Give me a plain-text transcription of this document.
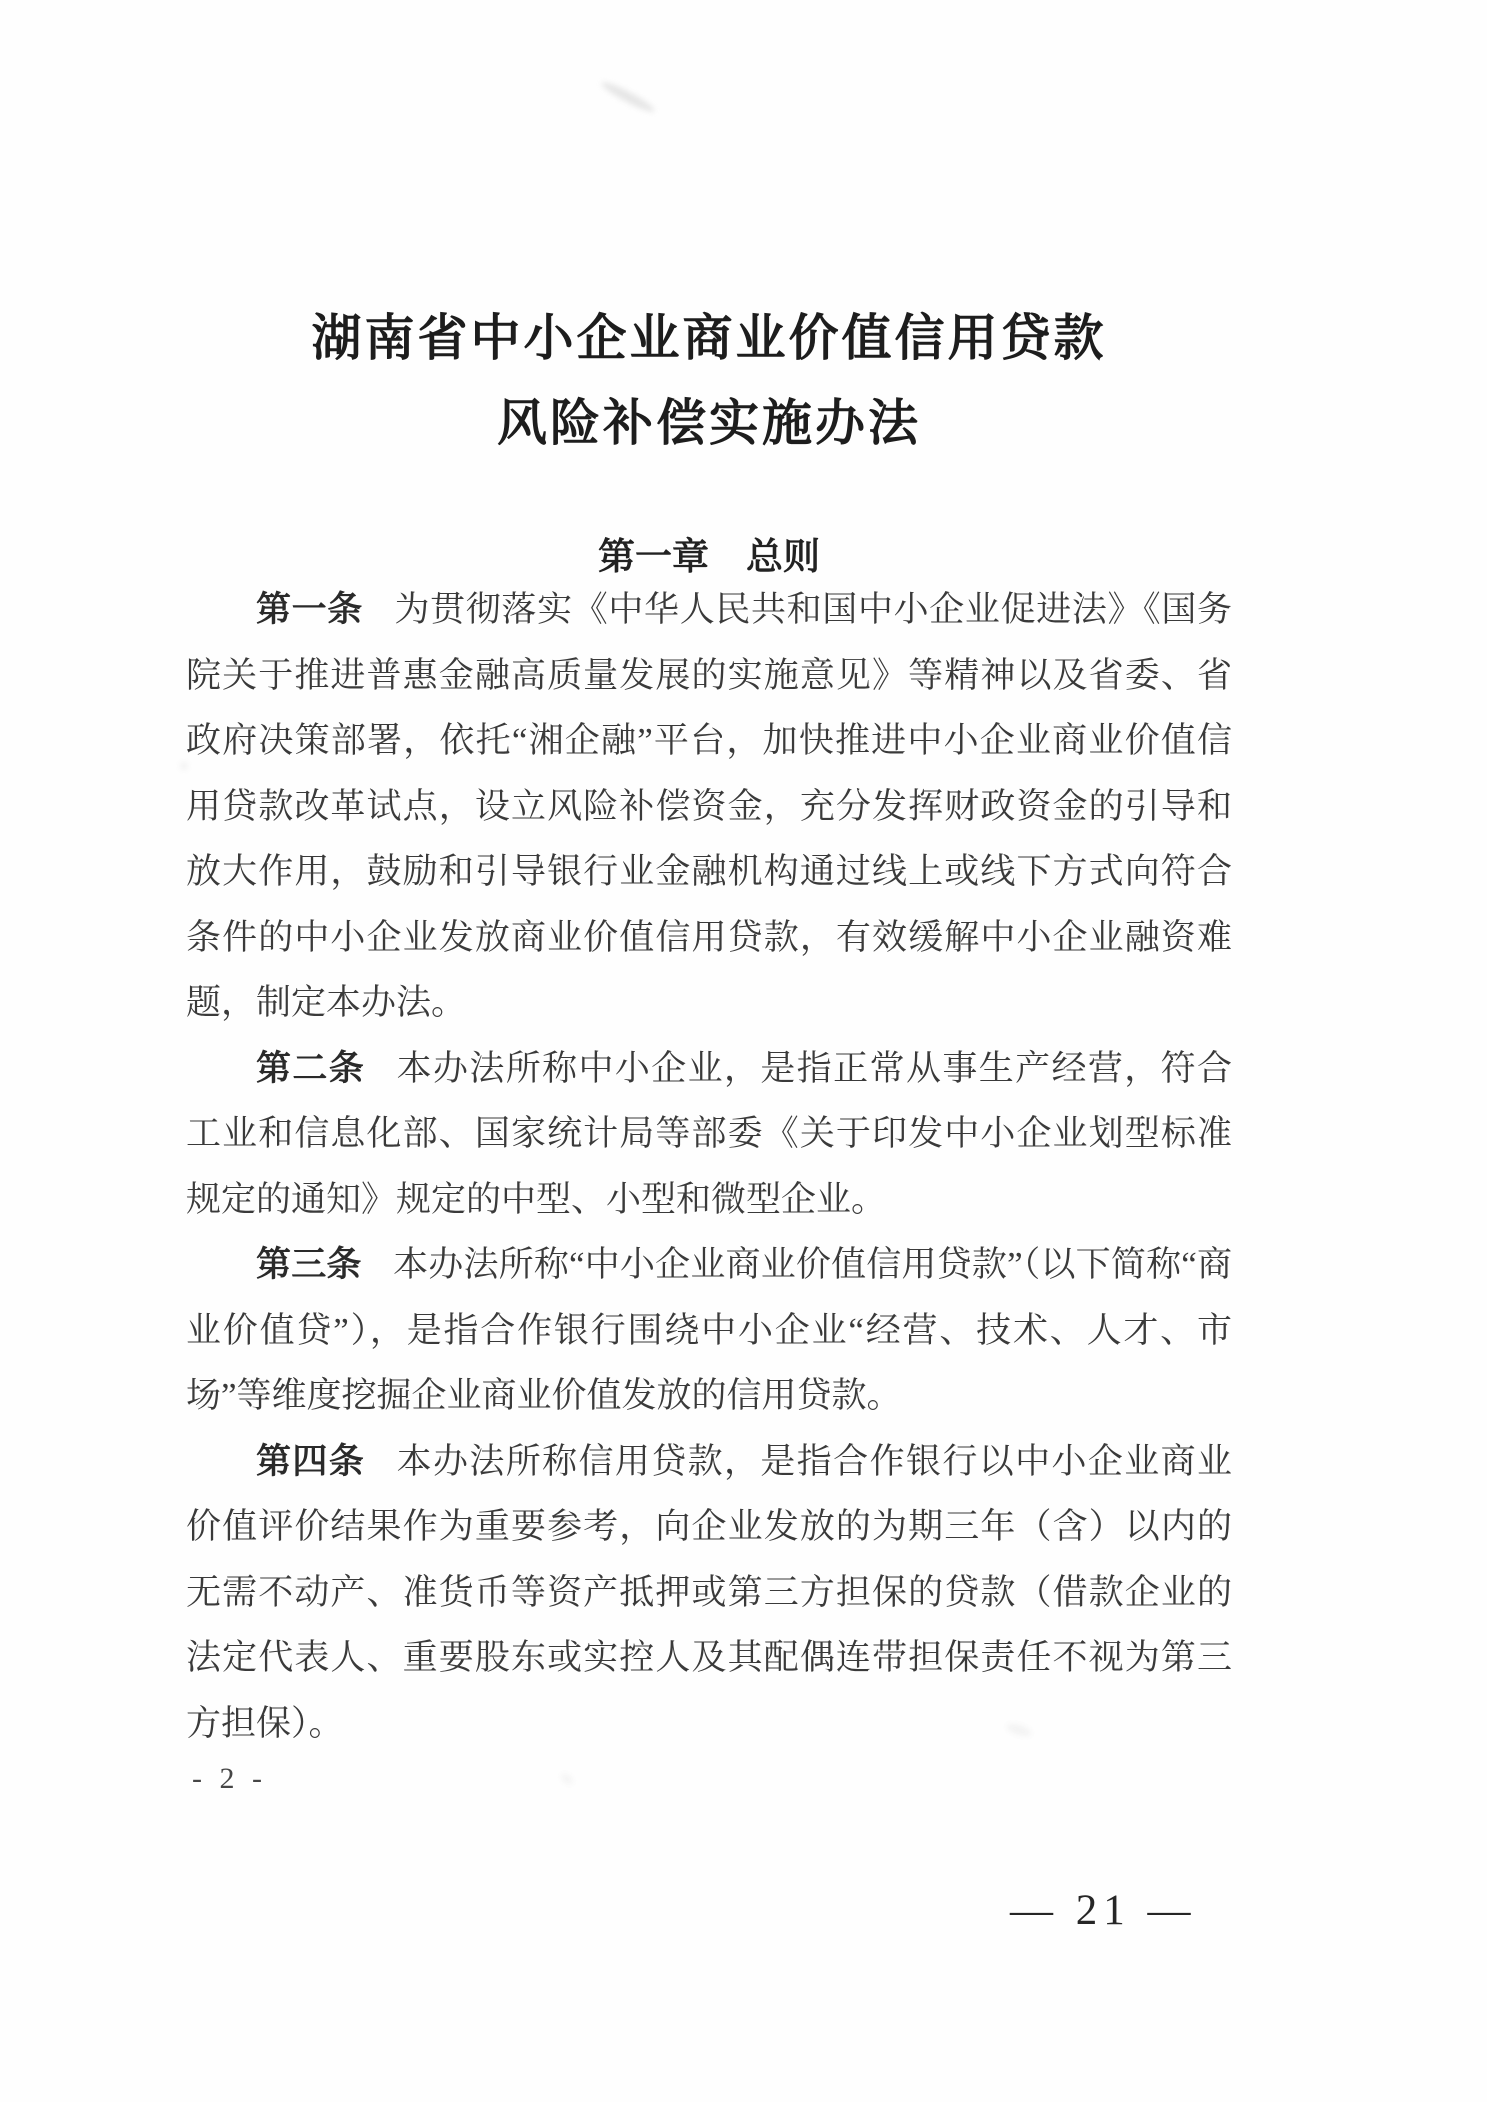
湖南省中小企业商业价值信用贷款
风险补偿实施办法
第一章　总则

第一条 为贯彻落实《中华人民共和国中小企业促进法》《国务院关于推进普惠金融高质量发展的实施意见》等精神以及省委、省政府决策部署，依托“湘企融”平台，加快推进中小企业商业价值信用贷款改革试点，设立风险补偿资金，充分发挥财政资金的引导和放大作用，鼓励和引导银行业金融机构通过线上或线下方式向符合条件的中小企业发放商业价值信用贷款，有效缓解中小企业融资难题，制定本办法。

第二条 本办法所称中小企业，是指正常从事生产经营，符合工业和信息化部、国家统计局等部委《关于印发中小企业划型标准规定的通知》规定的中型、小型和微型企业。

第三条 本办法所称“中小企业商业价值信用贷款”（以下简称“商业价值贷”），是指合作银行围绕中小企业“经营、技术、人才、市场”等维度挖掘企业商业价值发放的信用贷款。

第四条 本办法所称信用贷款，是指合作银行以中小企业商业价值评价结果作为重要参考，向企业发放的为期三年（含）以内的无需不动产、准货币等资产抵押或第三方担保的贷款（借款企业的法定代表人、重要股东或实控人及其配偶连带担保责任不视为第三方担保）。

- 2 -
— 21 —
